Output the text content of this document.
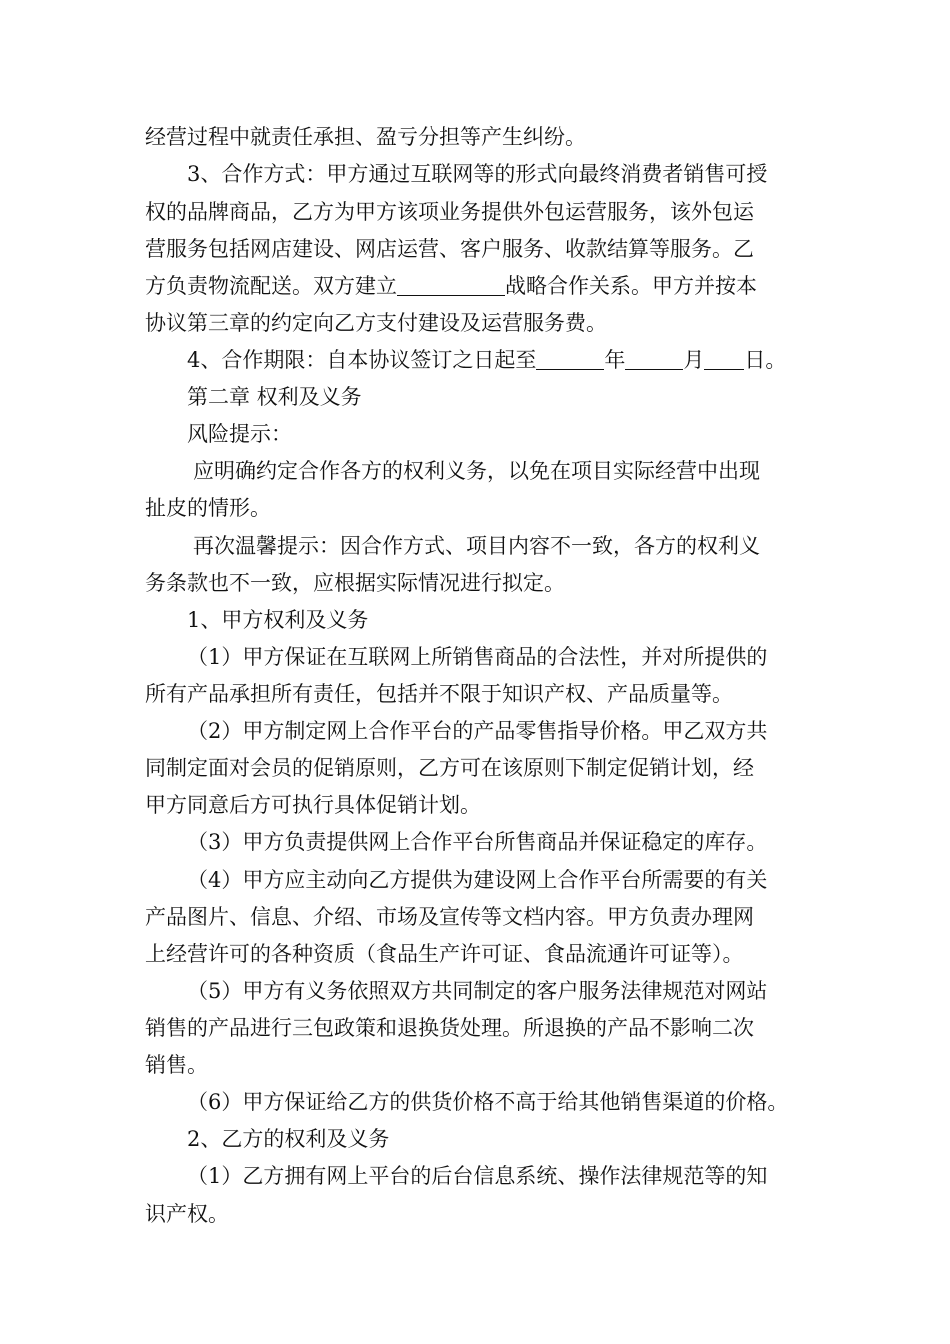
经营过程中就责任承担、盈亏分担等产生纠纷。
3、合作方式：甲方通过互联网等的形式向最终消费者销售可授
权的品牌商品，乙方为甲方该项业务提供外包运营服务，该外包运
营服务包括网店建设、网店运营、客户服务、收款结算等服务。乙
方负责物流配送。双方建立	战略合作关系。甲方并按本
协议第三章的约定向乙方支付建设及运营服务费。
4、合作期限：自本协议签订之日起至	年	月 日。
第二章 权利及义务
风险提示：
应明确约定合作各方的权利义务，以免在项目实际经营中出现
扯皮的情形。
再次温馨提示：因合作方式、项目内容不一致，各方的权利义
务条款也不一致，应根据实际情况进行拟定。
1、甲方权利及义务
（1）甲方保证在互联网上所销售商品的合法性，并对所提供的
所有产品承担所有责任，包括并不限于知识产权、产品质量等。
（2）甲方制定网上合作平台的产品零售指导价格。甲乙双方共
同制定面对会员的促销原则，乙方可在该原则下制定促销计划，经
甲方同意后方可执行具体促销计划。
（3）甲方负责提供网上合作平台所售商品并保证稳定的库存。
（4）甲方应主动向乙方提供为建设网上合作平台所需要的有关
产品图片、信息、介绍、市场及宣传等文档内容。甲方负责办理网
上经营许可的各种资质（食品生产许可证、食品流通许可证等）。
（5）甲方有义务依照双方共同制定的客户服务法律规范对网站
销售的产品进行三包政策和退换货处理。所退换的产品不影响二次
销售。
（6）甲方保证给乙方的供货价格不高于给其他销售渠道的价格。
2、乙方的权利及义务
（1）乙方拥有网上平台的后台信息系统、操作法律规范等的知
识产权。
